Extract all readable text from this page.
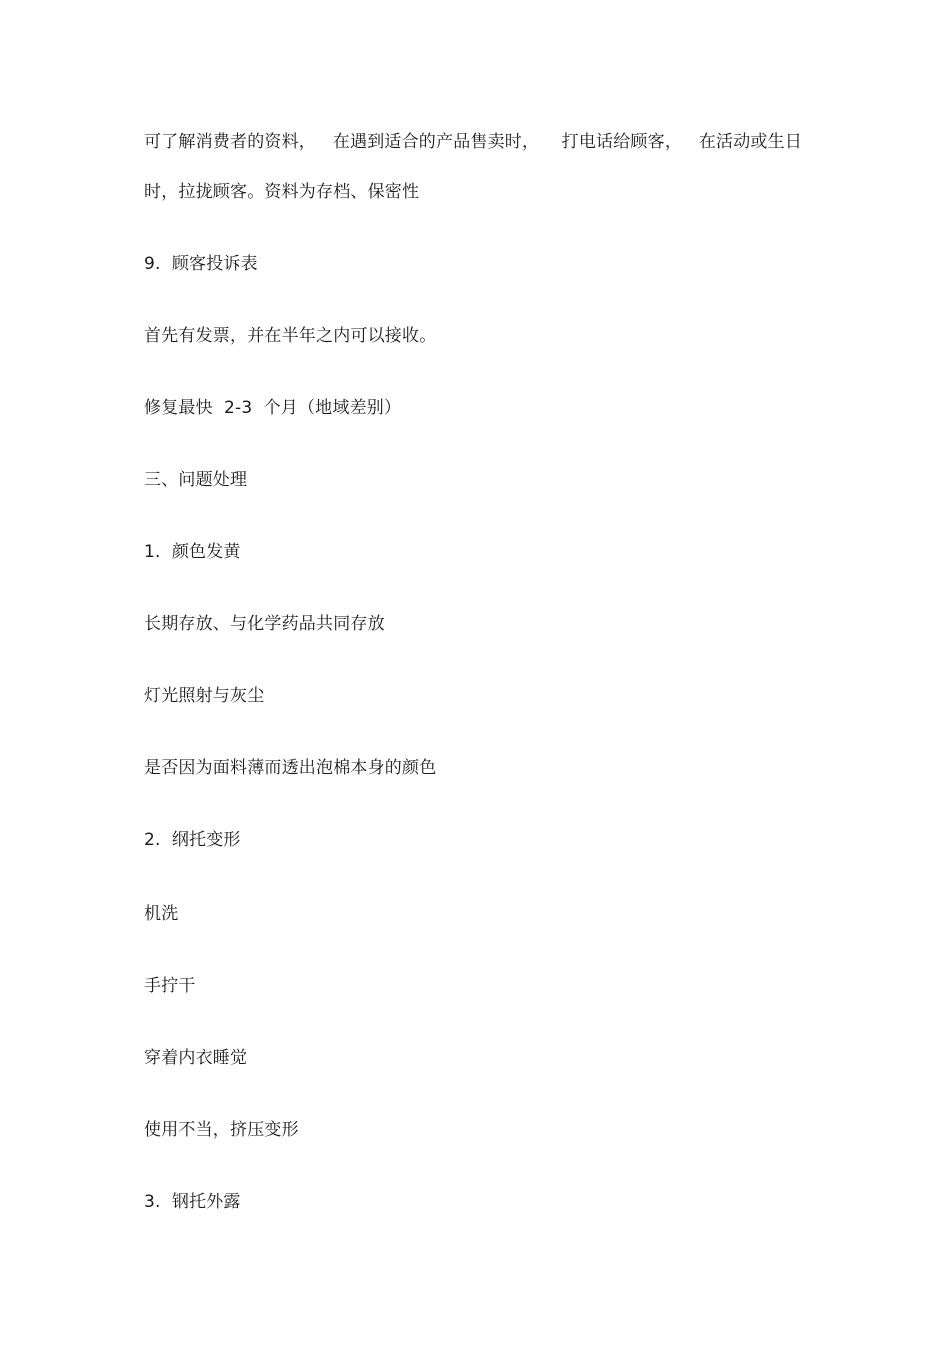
可了解消费者的资料，   在遇到适合的产品售卖时，    打电话给顾客，   在活动或生日
时，拉拢顾客。资料为存档、保密性
9.  顾客投诉表
首先有发票，并在半年之内可以接收。
修复最快  2-3  个月（地域差别）
三、问题处理
1.  颜色发黄
长期存放、与化学药品共同存放
灯光照射与灰尘
是否因为面料薄而透出泡棉本身的颜色
2.  纲托变形
机洗
手拧干
穿着内衣睡觉
使用不当，挤压变形
3.  钢托外露
